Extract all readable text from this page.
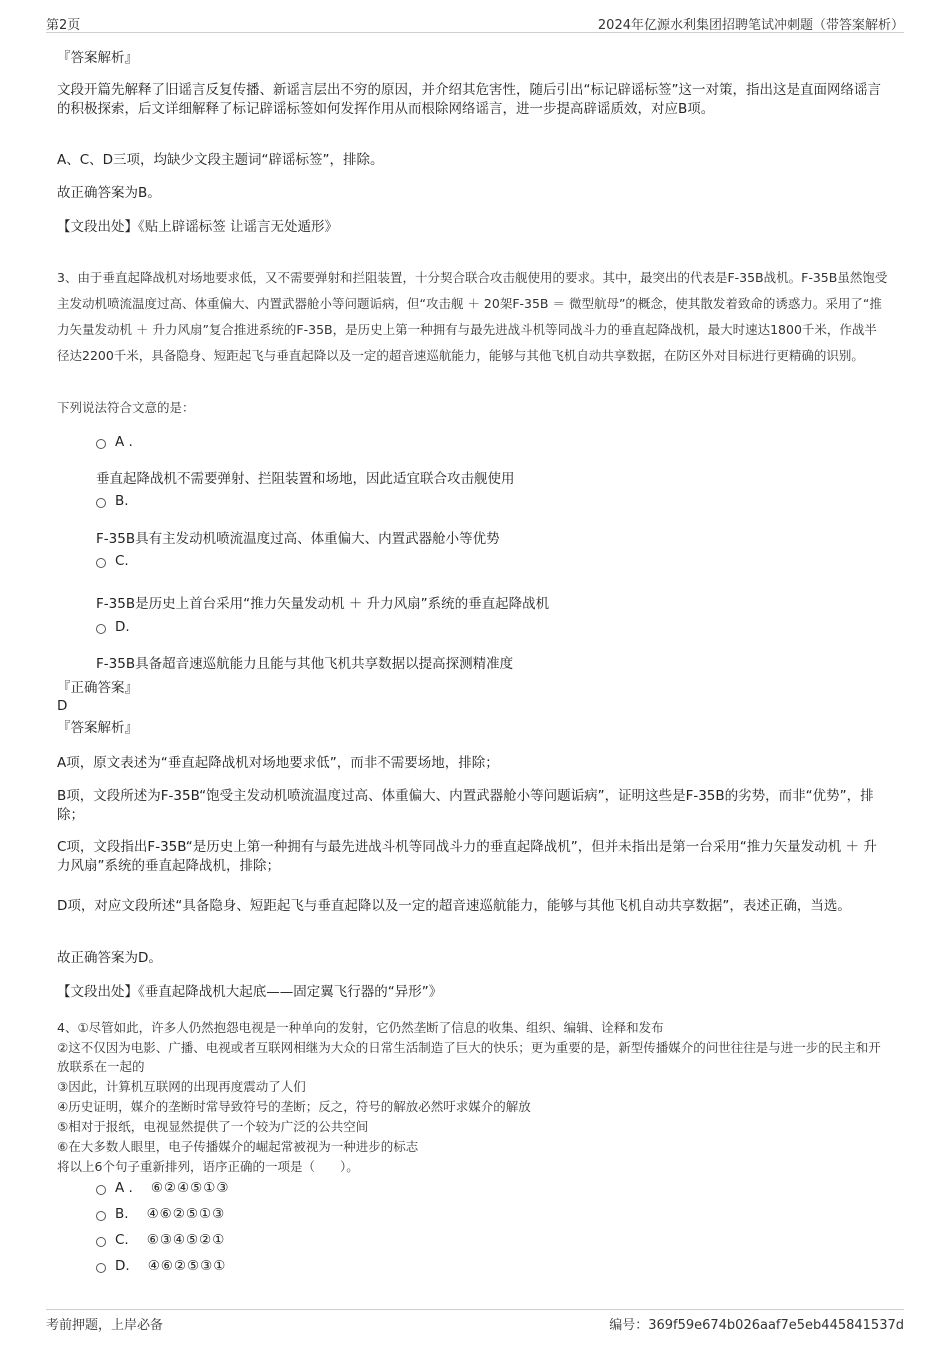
第2页	2024年亿源水利集团招聘笔试冲刺题（带答案解析）
『答案解析』
文段开篇先解释了旧谣言反复传播、新谣言层出不穷的原因，并介绍其危害性，随后引出“标记辟谣标签”这一对策，指出这是直面网络谣言的积极探索，后文详细解释了标记辟谣标签如何发挥作用从而根除网络谣言，进一步提高辟谣质效，对应B项。
A、C、D三项，均缺少文段主题词“辟谣标签”，排除。
故正确答案为B。
【文段出处】《贴上辟谣标签 让谣言无处遁形》
3、由于垂直起降战机对场地要求低，又不需要弹射和拦阻装置，十分契合联合攻击舰使用的要求。其中，最突出的代表是F-35B战机。F-35B虽然饱受主发动机喷流温度过高、体重偏大、内置武器舱小等问题诟病，但“攻击舰 ＋ 20架F-35B ＝ 微型航母”的概念，使其散发着致命的诱惑力。采用了“推力矢量发动机 ＋ 升力风扇”复合推进系统的F-35B，是历史上第一种拥有与最先进战斗机等同战斗力的垂直起降战机，最大时速达1800千米，作战半径达2200千米，具备隐身、短距起飞与垂直起降以及一定的超音速巡航能力，能够与其他飞机自动共享数据，在防区外对目标进行更精确的识别。
下列说法符合文意的是：
A .
垂直起降战机不需要弹射、拦阻装置和场地，因此适宜联合攻击舰使用
B.
F-35B具有主发动机喷流温度过高、体重偏大、内置武器舱小等优势
C.
F-35B是历史上首台采用“推力矢量发动机 ＋ 升力风扇”系统的垂直起降战机
D.
F-35B具备超音速巡航能力且能与其他飞机共享数据以提高探测精准度
『正确答案』
D
『答案解析』
A项，原文表述为“垂直起降战机对场地要求低”，而非不需要场地，排除；
B项，文段所述为F-35B“饱受主发动机喷流温度过高、体重偏大、内置武器舱小等问题诟病”，证明这些是F-35B的劣势，而非“优势”，排除；
C项，文段指出F-35B“是历史上第一种拥有与最先进战斗机等同战斗力的垂直起降战机”，但并未指出是第一台采用“推力矢量发动机 ＋ 升力风扇”系统的垂直起降战机，排除；
D项，对应文段所述“具备隐身、短距起飞与垂直起降以及一定的超音速巡航能力，能够与其他飞机自动共享数据”，表述正确，当选。
故正确答案为D。
【文段出处】《垂直起降战机大起底——固定翼飞行器的“异形”》
4、①尽管如此，许多人仍然抱怨电视是一种单向的发射，它仍然垄断了信息的收集、组织、编辑、诠释和发布
②这不仅因为电影、广播、电视或者互联网相继为大众的日常生活制造了巨大的快乐；更为重要的是，新型传播媒介的问世往往是与进一步的民主和开放联系在一起的
③因此，计算机互联网的出现再度震动了人们
④历史证明，媒介的垄断时常导致符号的垄断；反之，符号的解放必然吁求媒介的解放
⑤相对于报纸，电视显然提供了一个较为广泛的公共空间
⑥在大多数人眼里，电子传播媒介的崛起常被视为一种进步的标志
将以上6个句子重新排列，语序正确的一项是（　　）。
A . ⑥②④⑤①③
B. ④⑥②⑤①③
C. ⑥③④⑤②①
D. ④⑥②⑤③①
考前押题，上岸必备	编号：369f59e674b026aaf7e5eb445841537d
